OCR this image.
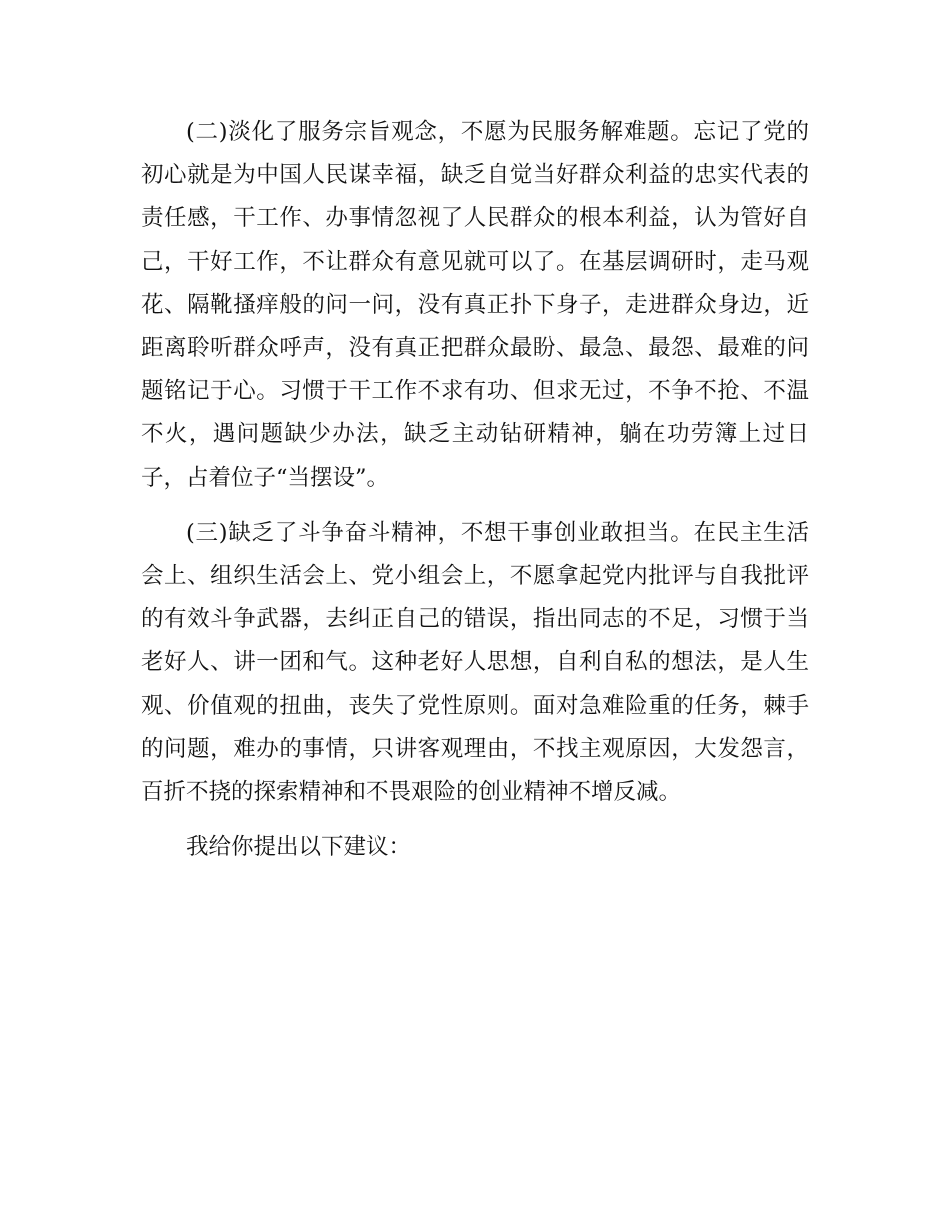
(二)淡化了服务宗旨观念，不愿为民服务解难题。忘记了党的初心就是为中国人民谋幸福，缺乏自觉当好群众利益的忠实代表的责任感，干工作、办事情忽视了人民群众的根本利益，认为管好自己，干好工作，不让群众有意见就可以了。在基层调研时，走马观花、隔靴搔痒般的问一问，没有真正扑下身子，走进群众身边，近距离聆听群众呼声，没有真正把群众最盼、最急、最怨、最难的问题铭记于心。习惯于干工作不求有功、但求无过，不争不抢、不温不火，遇问题缺少办法，缺乏主动钻研精神，躺在功劳簿上过日子，占着位子“当摆设”。

(三)缺乏了斗争奋斗精神，不想干事创业敢担当。在民主生活会上、组织生活会上、党小组会上，不愿拿起党内批评与自我批评的有效斗争武器，去纠正自己的错误，指出同志的不足，习惯于当老好人、讲一团和气。这种老好人思想，自利自私的想法，是人生观、价值观的扭曲，丧失了党性原则。面对急难险重的任务，棘手的问题，难办的事情，只讲客观理由，不找主观原因，大发怨言，百折不挠的探索精神和不畏艰险的创业精神不增反减。

我给你提出以下建议：
